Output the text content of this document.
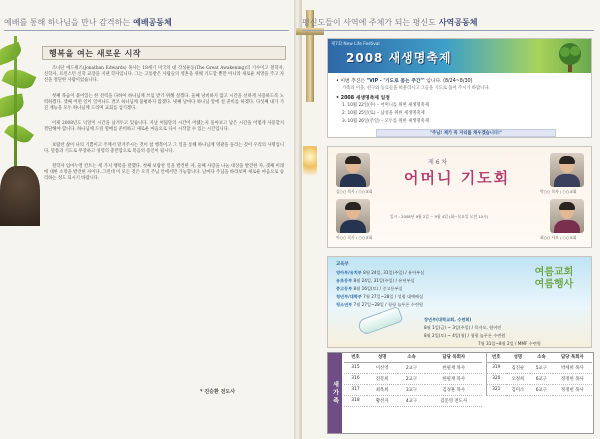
예배를 통해 하나님을 만나 감격하는 예배공동체
행복을 여는 새로운 시작

조나단 에드워즈(Jonathan Edwards) 목사는 18세기 미국의 대 각성운동(The Great Awakening)의 기수이고 철학자, 신학자, 프린스턴 신학 교장을 지낸 학자입니다. 그는 고통받은 사람들의 영혼을 위해 기도할 뿐만 아니라 새로운 희망을 주고 자신을 결단한 사람이었습니다.

첫째 목숨이 붙어있는 한 전력을 다하여 하나님께 쓰임 받기 위해 살겠다. 둘째 낭비하지 않고 시간을 선하게 사용하도록 노력하겠다. 셋째 어떤 일이 일어나도 결코 하나님께 불평하지 않겠다. 넷째 날마다 하나님 앞에 설 준비를 하겠다. 다섯째 내가 가진 재능을 모두 하나님께 드리며 교회를 섬기겠다.

이제 2008년도 넉달이 시간을 남겨두고 있습니다. 지난 여덟달의 시간이 어땠는지 돌아보고 남은 시간을 어떻게 사용할지 결단해야 합니다. 하나님께 드릴 열매를 준비하고 새로운 마음으로 다시 시작할 수 있는 시간입니다.

보람찬 삶이 나의 기쁨이고 주께서 맡겨주시는 것이 참 행복이고 그 일을 통해 하나님께 영광을 돌리는 것이 우리의 사명입니다. 말씀과 기도로 무장하고 성령의 충만함으로 복음의 증인이 됩시다.

철학자 임마누엘 칸트는 세 가지 행복을 말했다. 첫째 보람찬 일을 발견한 자, 둘째 사랑을 나눌 대상을 발견한 자, 셋째 미래에 대한 소망을 발견한 자이다. 그런데 이 모든 것은 오직 주님 안에서만 가능합니다. 날마다 주님을 바라보며 새로운 마음으로 승리하는 성도 되시기 바랍니다.

* 진승환 전도사
평신도들이 사역에 주체가 되는 평신도 사역공동체
제7회 New Life Festival
2008 새생명축제
• 이번 추진은 "VIP - '기도로 품는 주간'" 입니다. (8/24~8/30)
가족과 이웃, 친구와 동료들을 떠올리시고 그들을 기도로 품어 주시기 바랍니다.
• 2008 새생명축제 일정
1. 10월 22일(수) – 어머니를 위한 새생명축제
2. 10월 25일(토) – 남성을 위한 새생명축제
3. 10월 26일(주일) – 모두를 위한 새생명축제
"주님! 제가 꼭 자리를 채우겠습니다!"
김○○ 목사 / ○○교회
이○○ 목사 / ○○교회
박○○ 목사 / ○○교회
최○○ 사모 / ○○교회
제 6 차
어머니 기도회
일시 : 2008년 9월 2일 ~ 9월 4일 (화~목요일 오전 10시)
교육부
영아부/유치부 8월 24일, 31일(주일) / 유아부실
유초등부 8월 24일, 31일(주일) / 유년부실
중고등부 8월 16일(토) / 중고등부실
청년부/대학부 7월 27일~28일 / 성령 대예배실
청소년부 7월 27일~28일 / 청평 늘푸른 수련원
여름교회
여름행사
장년부(대학교회, 수련회)
8월 1일(금) ~ 3일(주일) / 목자모, 원어민
8월 2일(토) ~ 4일(월) / 청평 늘푸른 수련원
7월 31일~8월 2일 / MMF 수련원
새가족
번호	성명	소속	담당 목회자
315	이선영	2교구	한필재 목사
316	진문희	2교구	한필재 목사
317	최옥희	3교구	김경훈 목사
318	황선자	4교구	김문영 전도사
번호	성명	소속	담당 목회자
319	김진순	5교구	박세희 목사
320	오정희	6교구	정정헌 목사
321	김미소	6교구	정정헌 목사
